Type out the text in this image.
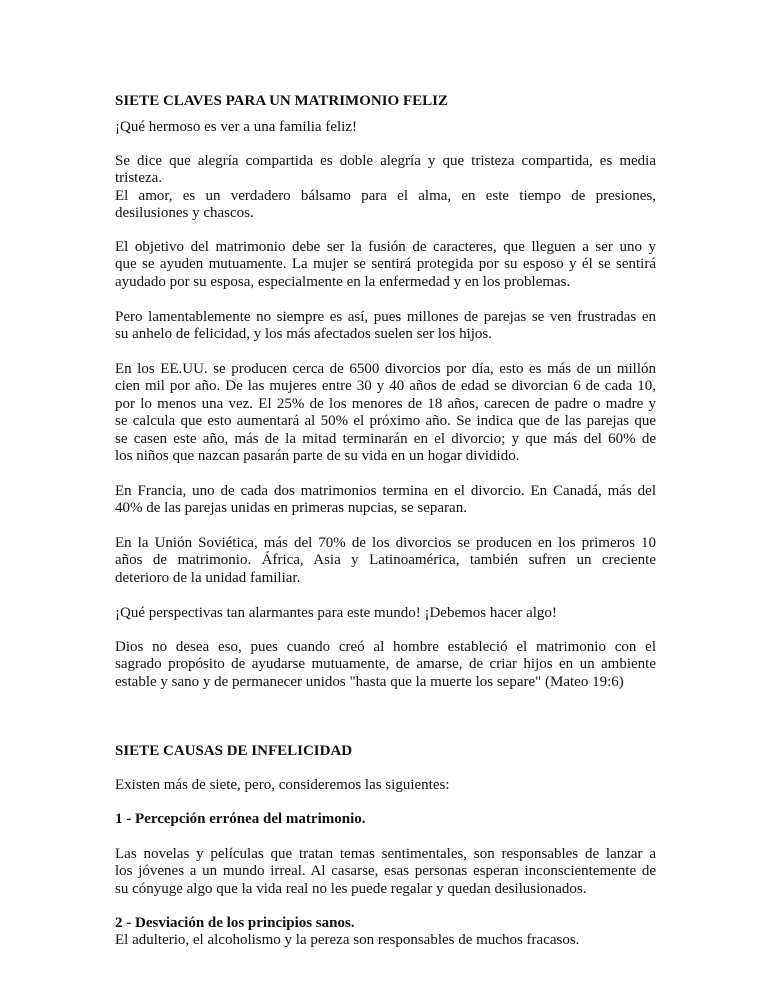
SIETE CLAVES PARA UN MATRIMONIO FELIZ
¡Qué hermoso es ver a una familia feliz!
Se dice que alegría compartida es doble alegría y que tristeza compartida, es media
tristeza.
El amor, es un verdadero bálsamo para el alma, en este tiempo de presiones,
desilusiones y chascos.
El objetivo del matrimonio debe ser la fusión de caracteres, que lleguen a ser uno y
que se ayuden mutuamente. La mujer se sentirá protegida por su esposo y él se sentirá
ayudado por su esposa, especialmente en la enfermedad y en los problemas.
Pero lamentablemente no siempre es así, pues millones de parejas se ven frustradas en
su anhelo de felicidad, y los más afectados suelen ser los hijos.
En los EE.UU. se producen cerca de 6500 divorcios por día, esto es más de un millón
cien mil por año. De las mujeres entre 30 y 40 años de edad se divorcian 6 de cada 10,
por lo menos una vez. El 25% de los menores de 18 años, carecen de padre o madre y
se calcula que esto aumentará al 50% el próximo año. Se indica que de las parejas que
se casen este año, más de la mitad terminarán en el divorcio; y que más del 60% de
los niños que nazcan pasarán parte de su vida en un hogar dividido.
En Francia, uno de cada dos matrimonios termina en el divorcio. En Canadá, más del
40% de las parejas unidas en primeras nupcias, se separan.
En la Unión Soviética, más del 70% de los divorcios se producen en los primeros 10
años de matrimonio. África, Asia y Latinoamérica, también sufren un creciente
deterioro de la unidad familiar.
¡Qué perspectivas tan alarmantes para este mundo! ¡Debemos hacer algo!
Dios no desea eso, pues cuando creó al hombre estableció el matrimonio con el
sagrado propósito de ayudarse mutuamente, de amarse, de criar hijos en un ambiente
estable y sano y de permanecer unidos "hasta que la muerte los separe" (Mateo 19:6)
SIETE CAUSAS DE INFELICIDAD
Existen más de siete, pero, consideremos las siguientes:
1 - Percepción errónea del matrimonio.
Las novelas y películas que tratan temas sentimentales, son responsables de lanzar a
los jóvenes a un mundo irreal. Al casarse, esas personas esperan inconscientemente de
su cónyuge algo que la vida real no les puede regalar y quedan desilusionados.
2 - Desviación de los principios sanos.
El adulterio, el alcoholismo y la pereza son responsables de muchos fracasos.
